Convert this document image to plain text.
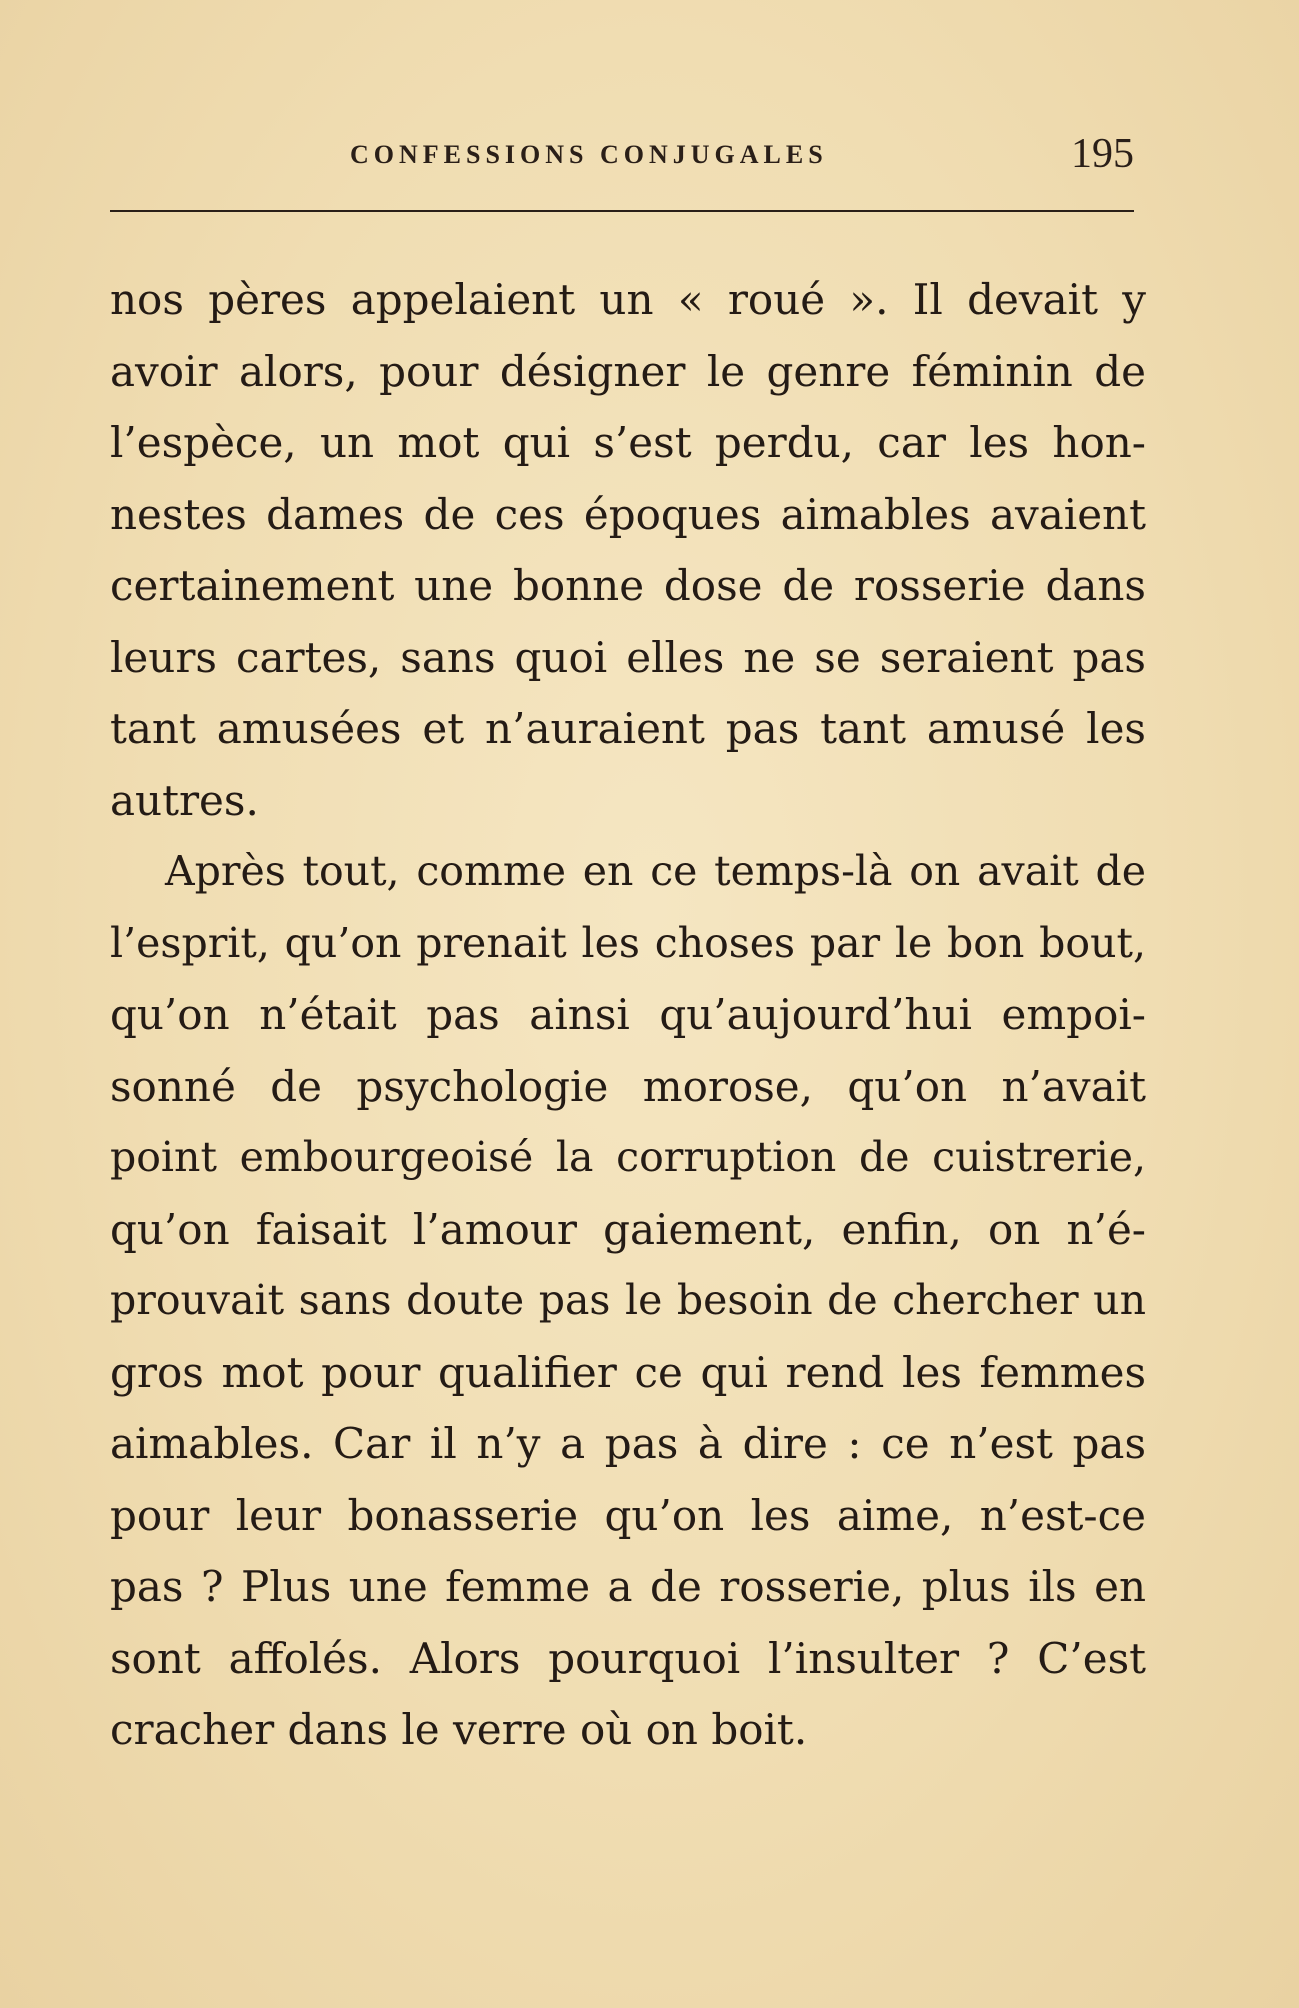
CONFESSIONS CONJUGALES	195
nos pères appelaient un « roué ». Il devait y
avoir alors, pour désigner le genre féminin de
l’espèce, un mot qui s’est perdu, car les hon-
nestes dames de ces époques aimables avaient
certainement une bonne dose de rosserie dans
leurs cartes, sans quoi elles ne se seraient pas
tant amusées et n’auraient pas tant amusé les
autres.
Après tout, comme en ce temps-là on avait de
l’esprit, qu’on prenait les choses par le bon bout,
qu’on n’était pas ainsi qu’aujourd’hui empoi-
sonné de psychologie morose, qu’on n’avait
point embourgeoisé la corruption de cuistrerie,
qu’on faisait l’amour gaiement, enfin, on n’é-
prouvait sans doute pas le besoin de chercher un
gros mot pour qualifier ce qui rend les femmes
aimables. Car il n’y a pas à dire : ce n’est pas
pour leur bonasserie qu’on les aime, n’est-ce
pas ? Plus une femme a de rosserie, plus ils en
sont affolés. Alors pourquoi l’insulter ? C’est
cracher dans le verre où on boit.
